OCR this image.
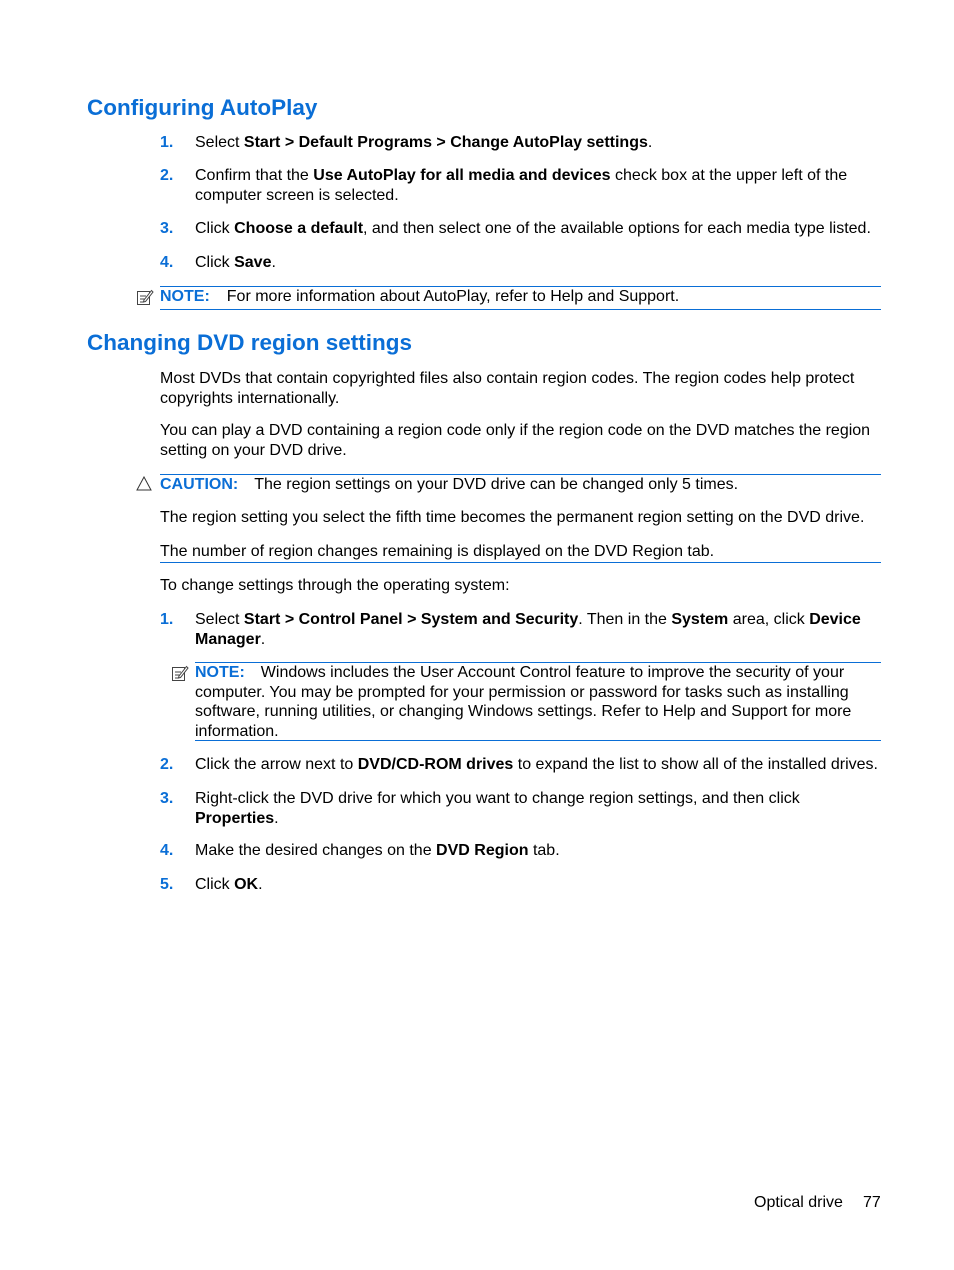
Configuring AutoPlay
1.	Select Start > Default Programs > Change AutoPlay settings.
2.	Confirm that the Use AutoPlay for all media and devices check box at the upper left of the computer screen is selected.
3.	Click Choose a default, and then select one of the available options for each media type listed.
4.	Click Save.
NOTE: For more information about AutoPlay, refer to Help and Support.
Changing DVD region settings
Most DVDs that contain copyrighted files also contain region codes. The region codes help protect copyrights internationally.
You can play a DVD containing a region code only if the region code on the DVD matches the region setting on your DVD drive.
CAUTION: The region settings on your DVD drive can be changed only 5 times.
The region setting you select the fifth time becomes the permanent region setting on the DVD drive.
The number of region changes remaining is displayed on the DVD Region tab.
To change settings through the operating system:
1.	Select Start > Control Panel > System and Security. Then in the System area, click Device Manager.
NOTE: Windows includes the User Account Control feature to improve the security of your computer. You may be prompted for your permission or password for tasks such as installing software, running utilities, or changing Windows settings. Refer to Help and Support for more information.
2.	Click the arrow next to DVD/CD-ROM drives to expand the list to show all of the installed drives.
3.	Right-click the DVD drive for which you want to change region settings, and then click Properties.
4.	Make the desired changes on the DVD Region tab.
5.	Click OK.
Optical drive 77
